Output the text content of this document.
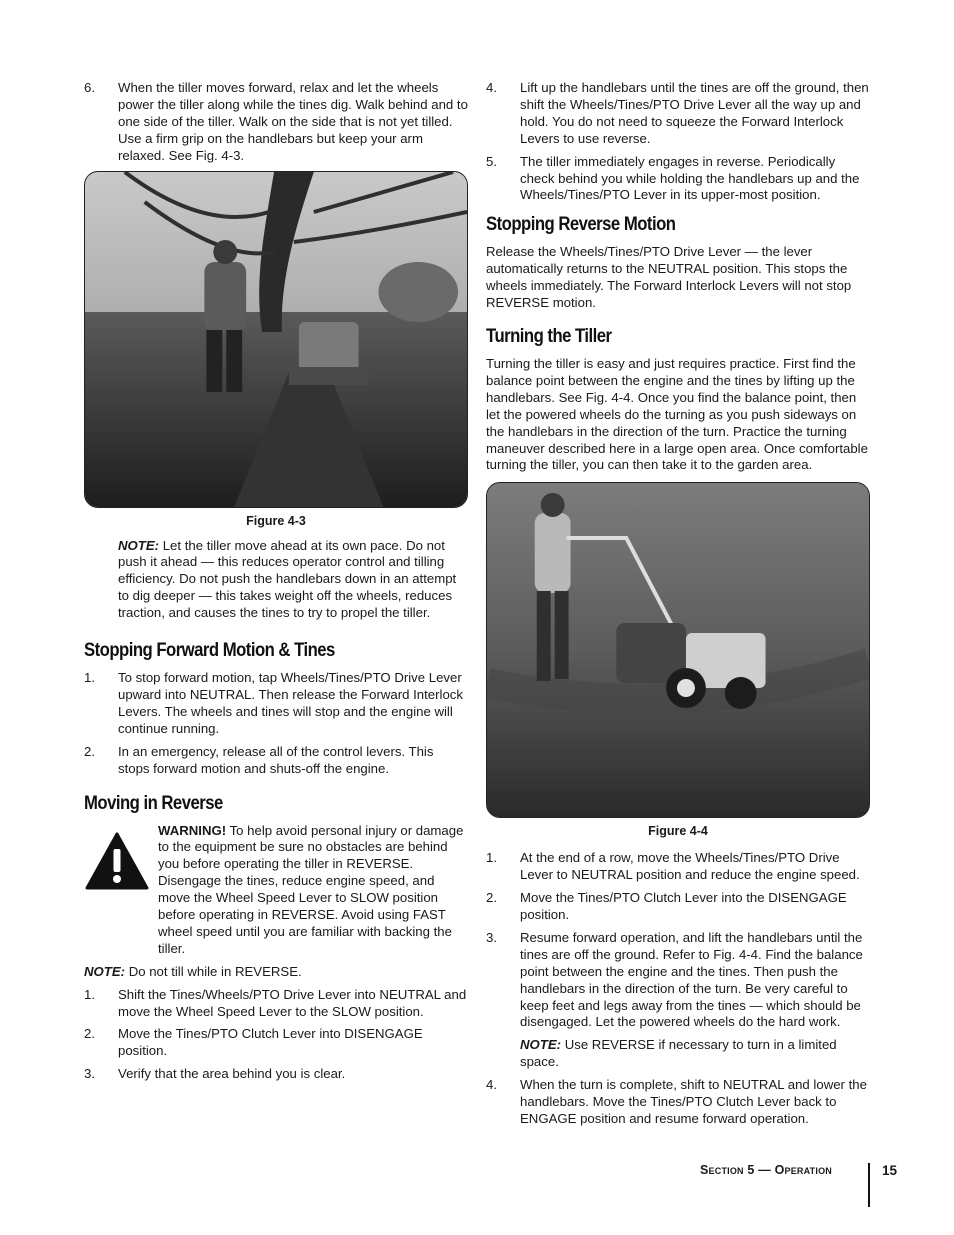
6. When the tiller moves forward, relax and let the wheels power the tiller along while the tines dig. Walk behind and to one side of the tiller. Walk on the side that is not yet tilled. Use a firm grip on the handlebars but keep your arm relaxed. See Fig. 4-3.
Figure 4-3

NOTE: Let the tiller move ahead at its own pace. Do not push it ahead — this reduces operator control and tilling efficiency. Do not push the handlebars down in an attempt to dig deeper — this takes weight off the wheels, reduces traction, and causes the tines to try to propel the tiller.

Stopping Forward Motion & Tines
1. To stop forward motion, tap Wheels/Tines/PTO Drive Lever upward into NEUTRAL. Then release the Forward Interlock Levers. The wheels and tines will stop and the engine will continue running.
2. In an emergency, release all of the control levers. This stops forward motion and shuts-off the engine.
Moving in Reverse

WARNING! To help avoid personal injury or damage to the equipment be sure no obstacles are behind you before operating the tiller in REVERSE. Disengage the tines, reduce engine speed, and move the Wheel Speed Lever to SLOW position before operating in REVERSE. Avoid using FAST wheel speed until you are familiar with backing the tiller.

NOTE: Do not till while in REVERSE.

1. Shift the Tines/Wheels/PTO Drive Lever into NEUTRAL and move the Wheel Speed Lever to the SLOW position.
2. Move the Tines/PTO Clutch Lever into DISENGAGE position.
3. Verify that the area behind you is clear.
4. Lift up the handlebars until the tines are off the ground, then shift the Wheels/Tines/PTO Drive Lever all the way up and hold. You do not need to squeeze the Forward Interlock Levers to use reverse.
5. The tiller immediately engages in reverse. Periodically check behind you while holding the handlebars up and the Wheels/Tines/PTO Lever in its upper-most position.
Stopping Reverse Motion

Release the Wheels/Tines/PTO Drive Lever — the lever automatically returns to the NEUTRAL position. This stops the wheels immediately. The Forward Interlock Levers will not stop REVERSE motion.

Turning the Tiller

Turning the tiller is easy and just requires practice. First find the balance point between the engine and the tines by lifting up the handlebars. See Fig. 4-4. Once you find the balance point, then let the powered wheels do the turning as you push sideways on the handlebars in the direction of the turn. Practice the turning maneuver described here in a large open area. Once comfortable turning the tiller, you can then take it to the garden area.

Figure 4-4
1. At the end of a row, move the Wheels/Tines/PTO Drive Lever to NEUTRAL position and reduce the engine speed.
2. Move the Tines/PTO Clutch Lever into the DISENGAGE position.
3. Resume forward operation, and lift the handlebars until the tines are off the ground. Refer to Fig. 4-4. Find the balance point between the engine and the tines. Then push the handlebars in the direction of the turn. Be very careful to keep feet and legs away from the tines — which should be disengaged. Let the powered wheels do the hard work.

NOTE: Use REVERSE if necessary to turn in a limited space.

4. When the turn is complete, shift to NEUTRAL and lower the handlebars. Move the Tines/PTO Clutch Lever back to ENGAGE position and resume forward operation.
Section 5 — Operation	15
